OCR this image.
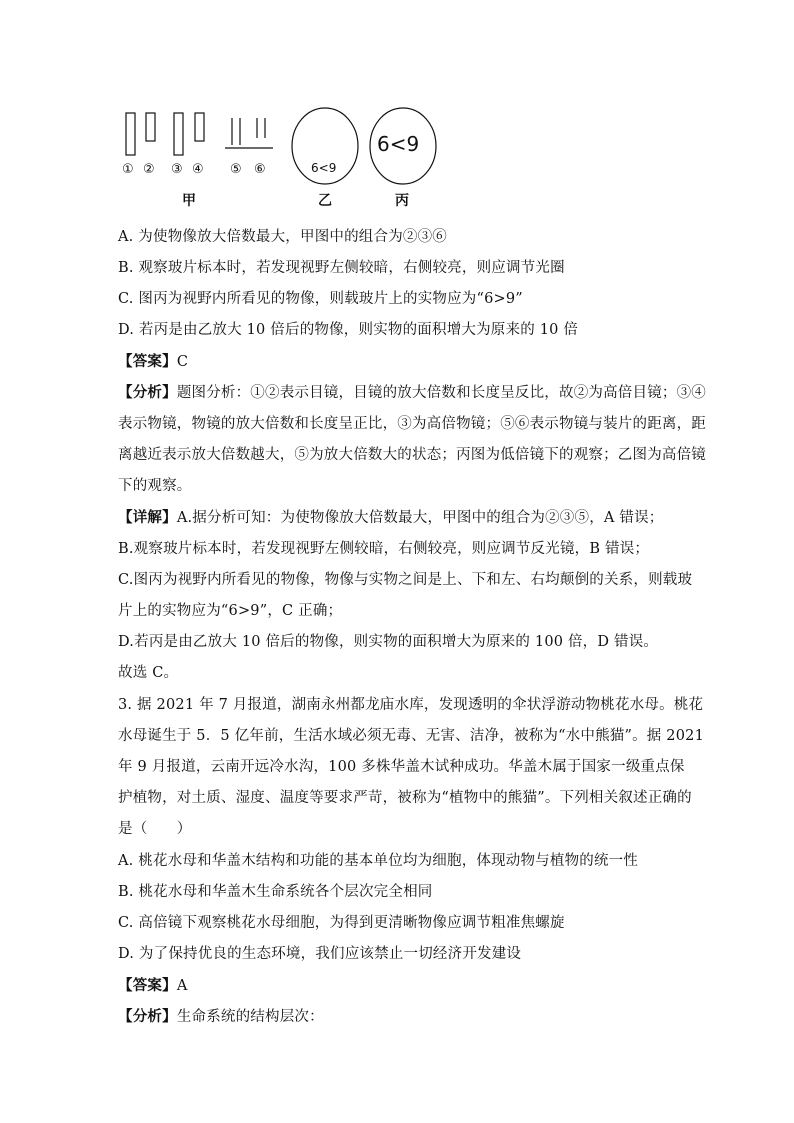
① ② ③ ④ ⑤ ⑥	6<9
6<9
甲	乙	丙
A. 为使物像放大倍数最大，甲图中的组合为②③⑥
B. 观察玻片标本时，若发现视野左侧较暗，右侧较亮，则应调节光圈
C. 图丙为视野内所看见的物像，则载玻片上的实物应为“6>9”
D. 若丙是由乙放大 10 倍后的物像，则实物的面积增大为原来的 10 倍
【答案】C
【分析】题图分析：①②表示目镜，目镜的放大倍数和长度呈反比，故②为高倍目镜；③④
表示物镜，物镜的放大倍数和长度呈正比，③为高倍物镜；⑤⑥表示物镜与装片的距离，距
离越近表示放大倍数越大，⑤为放大倍数大的状态；丙图为低倍镜下的观察；乙图为高倍镜
下的观察。
【详解】A.据分析可知：为使物像放大倍数最大，甲图中的组合为②③⑤，A 错误；
B.观察玻片标本时，若发现视野左侧较暗，右侧较亮，则应调节反光镜，B 错误；
C.图丙为视野内所看见的物像，物像与实物之间是上、下和左、右均颠倒的关系，则载玻
片上的实物应为“6>9”，C 正确；
D.若丙是由乙放大 10 倍后的物像，则实物的面积增大为原来的 100 倍，D 错误。
故选 C。
3. 据 2021 年 7 月报道，湖南永州都龙庙水库，发现透明的伞状浮游动物桃花水母。桃花
水母诞生于 5．5 亿年前，生活水域必须无毒、无害、洁净，被称为“水中熊猫”。据 2021
年 9 月报道，云南开远冷水沟，100 多株华盖木试种成功。华盖木属于国家一级重点保
护植物，对土质、湿度、温度等要求严苛，被称为“植物中的熊猫”。下列相关叙述正确的
是（　　）
A. 桃花水母和华盖木结构和功能的基本单位均为细胞，体现动物与植物的统一性
B. 桃花水母和华盖木生命系统各个层次完全相同
C. 高倍镜下观察桃花水母细胞，为得到更清晰物像应调节粗准焦螺旋
D. 为了保持优良的生态环境，我们应该禁止一切经济开发建设
【答案】A
【分析】生命系统的结构层次：
